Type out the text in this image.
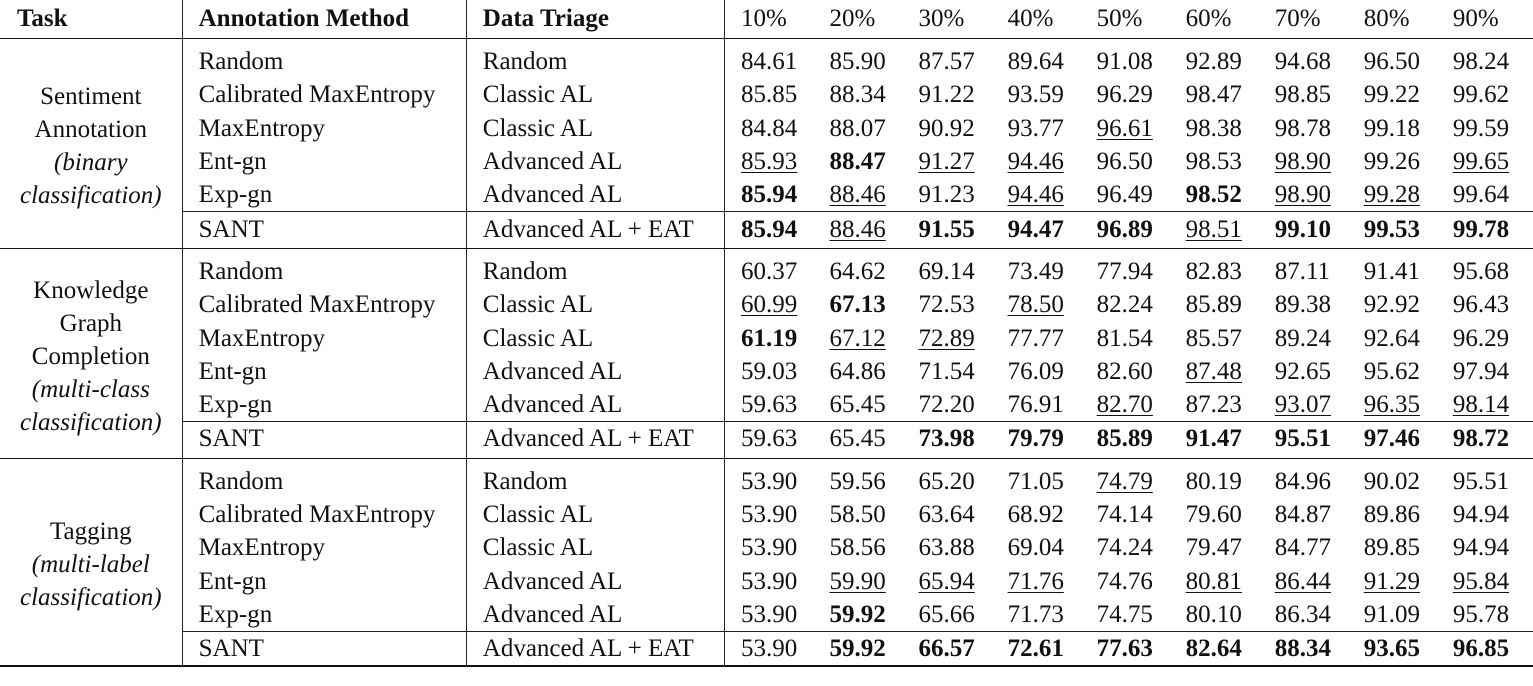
Task	Annotation Method	Data Triage	10%	20%	30%	40%	50%	60%	70%	80%	90%

Sentiment
Annotation
(binary
classification)	Random	Random	84.61	85.90	87.57	89.64	91.08	92.89	94.68	96.50	98.24
	Calibrated MaxEntropy	Classic AL	85.85	88.34	91.22	93.59	96.29	98.47	98.85	99.22	99.62
	MaxEntropy	Classic AL	84.84	88.07	90.92	93.77	96.61	98.38	98.78	99.18	99.59
	Ent-gn	Advanced AL	85.93	88.47	91.27	94.46	96.50	98.53	98.90	99.26	99.65
	Exp-gn	Advanced AL	85.94	88.46	91.23	94.46	96.49	98.52	98.90	99.28	99.64
	SANT	Advanced AL + EAT	85.94	88.46	91.55	94.47	96.89	98.51	99.10	99.53	99.78

Knowledge
Graph
Completion
(multi-class
classification)	Random	Random	60.37	64.62	69.14	73.49	77.94	82.83	87.11	91.41	95.68
	Calibrated MaxEntropy	Classic AL	60.99	67.13	72.53	78.50	82.24	85.89	89.38	92.92	96.43
	MaxEntropy	Classic AL	61.19	67.12	72.89	77.77	81.54	85.57	89.24	92.64	96.29
	Ent-gn	Advanced AL	59.03	64.86	71.54	76.09	82.60	87.48	92.65	95.62	97.94
	Exp-gn	Advanced AL	59.63	65.45	72.20	76.91	82.70	87.23	93.07	96.35	98.14
	SANT	Advanced AL + EAT	59.63	65.45	73.98	79.79	85.89	91.47	95.51	97.46	98.72

Tagging
(multi-label
classification)	Random	Random	53.90	59.56	65.20	71.05	74.79	80.19	84.96	90.02	95.51
	Calibrated MaxEntropy	Classic AL	53.90	58.50	63.64	68.92	74.14	79.60	84.87	89.86	94.94
	MaxEntropy	Classic AL	53.90	58.56	63.88	69.04	74.24	79.47	84.77	89.85	94.94
	Ent-gn	Advanced AL	53.90	59.90	65.94	71.76	74.76	80.81	86.44	91.29	95.84
	Exp-gn	Advanced AL	53.90	59.92	65.66	71.73	74.75	80.10	86.34	91.09	95.78
	SANT	Advanced AL + EAT	53.90	59.92	66.57	72.61	77.63	82.64	88.34	93.65	96.85
